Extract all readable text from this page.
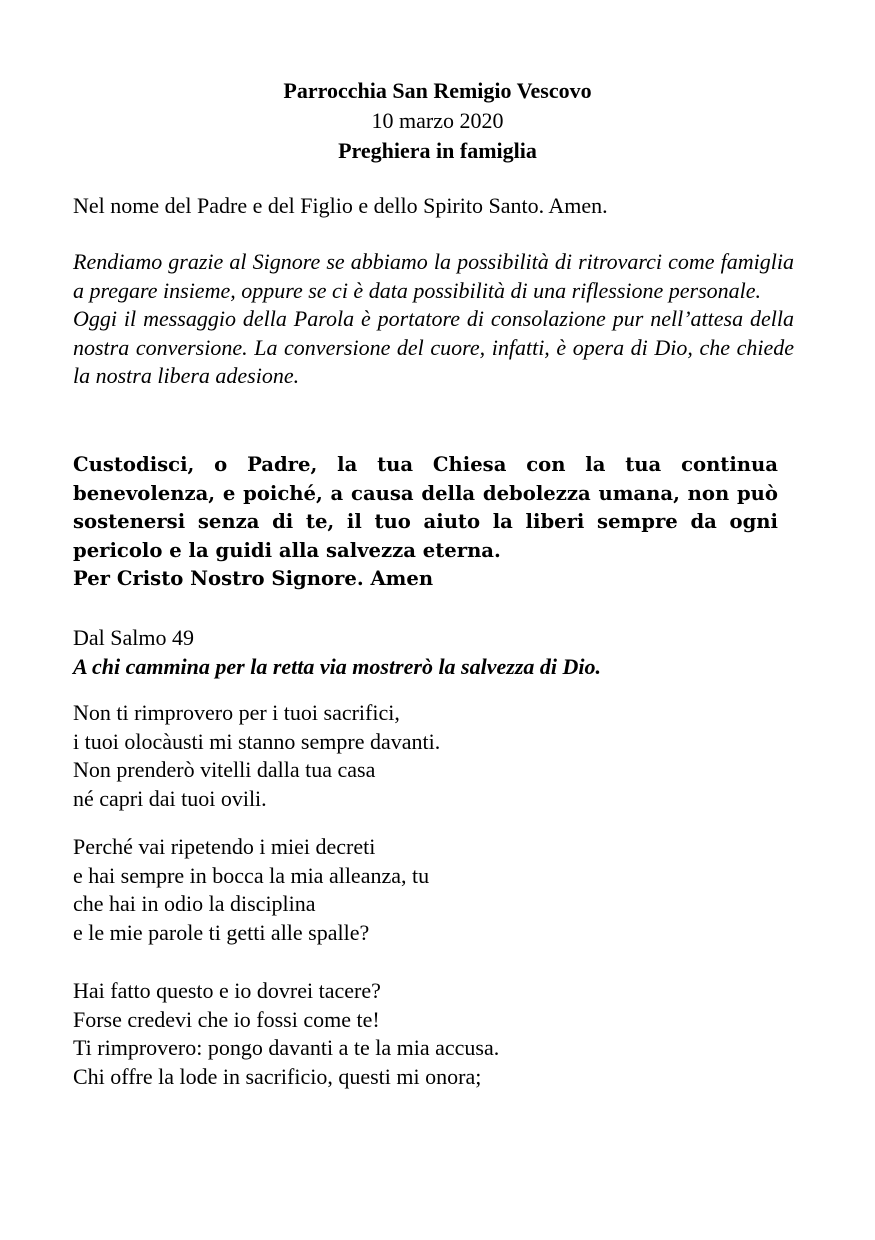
Parrocchia San Remigio Vescovo
10 marzo 2020
Preghiera in famiglia

Nel nome del Padre e del Figlio e dello Spirito Santo. Amen.

Rendiamo grazie al Signore se abbiamo la possibilità di ritrovarci come famiglia a pregare insieme, oppure se ci è data possibilità di una riflessione personale.

Oggi il messaggio della Parola è portatore di consolazione pur nell’attesa della nostra conversione. La conversione del cuore, infatti, è opera di Dio, che chiede la nostra libera adesione.

Custodisci, o Padre, la tua Chiesa con la tua continua benevolenza, e poiché, a causa della debolezza umana, non può sostenersi senza di te, il tuo aiuto la liberi sempre da ogni pericolo e la guidi alla salvezza eterna.

Per Cristo Nostro Signore. Amen

Dal Salmo 49

A chi cammina per la retta via mostrerò la salvezza di Dio.

Non ti rimprovero per i tuoi sacrifici,
i tuoi olocàusti mi stanno sempre davanti.
Non prenderò vitelli dalla tua casa
né capri dai tuoi ovili.

Perché vai ripetendo i miei decreti
e hai sempre in bocca la mia alleanza, tu
che hai in odio la disciplina
e le mie parole ti getti alle spalle?

Hai fatto questo e io dovrei tacere?
Forse credevi che io fossi come te!
Ti rimprovero: pongo davanti a te la mia accusa.
Chi offre la lode in sacrificio, questi mi onora;
